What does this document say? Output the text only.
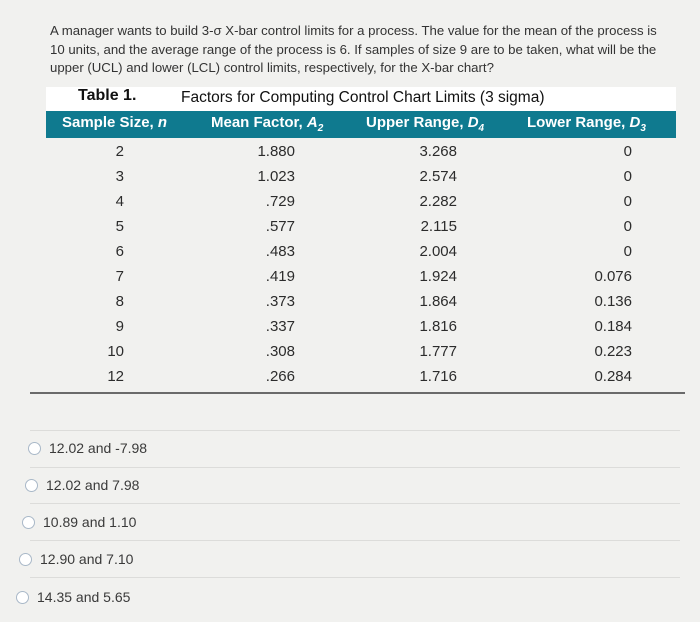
A manager wants to build 3-σ X-bar control limits for a process. The value for the mean of the process is 10 units, and the average range of the process is 6. If samples of size 9 are to be taken, what will be the upper (UCL) and lower (LCL) control limits, respectively, for the X-bar chart?
Table 1.	Factors for Computing Control Chart Limits (3 sigma)
Sample Size, n	Mean Factor, $A_2$	Upper Range, $D_4$	Lower Range, $D_3$
2	1.880	3.268	0
3	1.023	2.574	0
4	.729	2.282	0
5	.577	2.115	0
6	.483	2.004	0
7	.419	1.924	0.076
8	.373	1.864	0.136
9	.337	1.816	0.184
10	.308	1.777	0.223
12	.266	1.716	0.284
12.02 and -7.98
12.02 and 7.98
10.89 and 1.10
12.90 and 7.10
14.35 and 5.65
